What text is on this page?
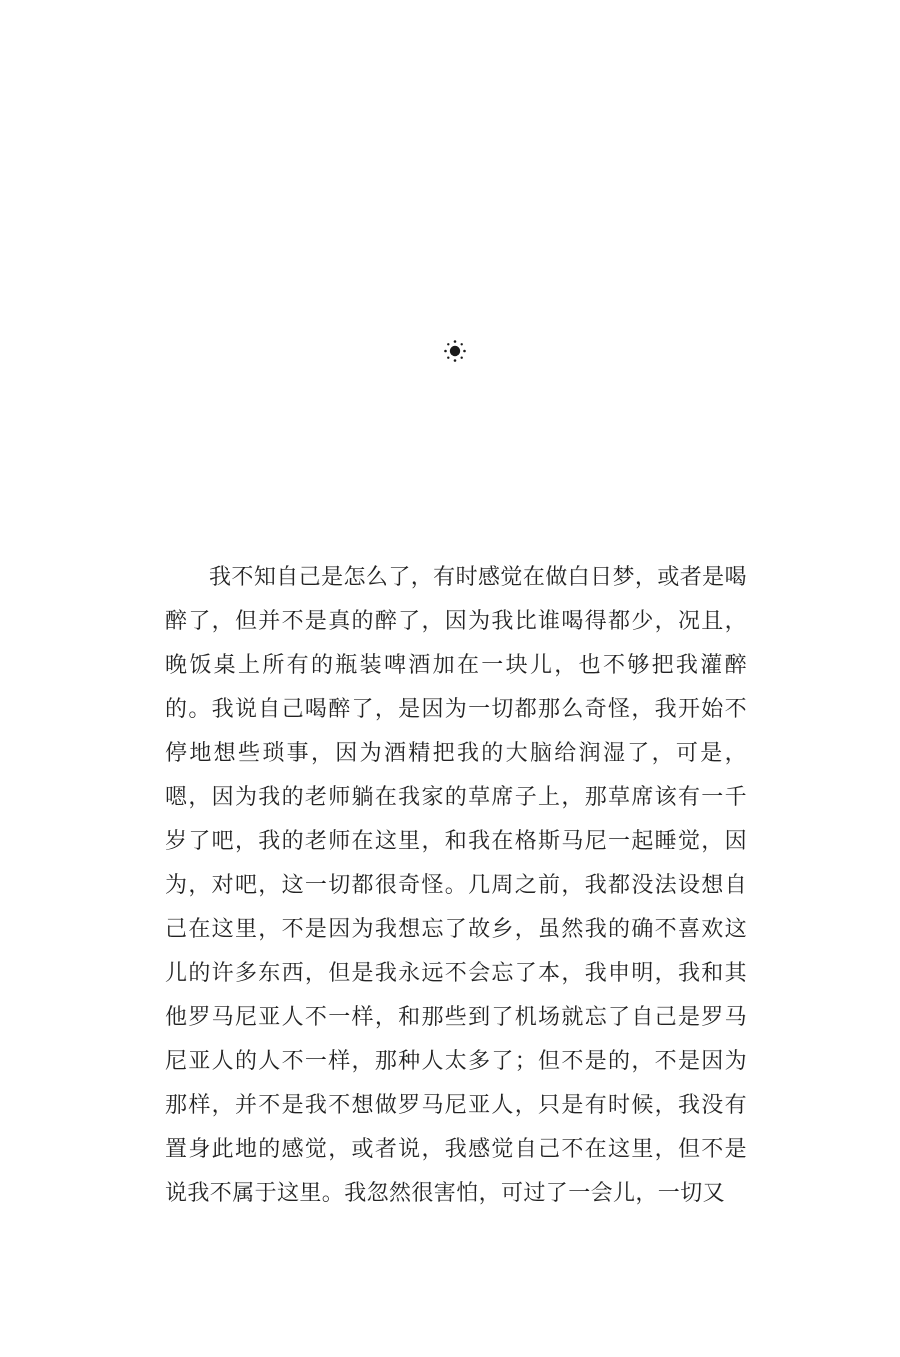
我不知自己是怎么了，有时感觉在做白日梦，或者是喝醉了，但并不是真的醉了，因为我比谁喝得都少，况且，晚饭桌上所有的瓶装啤酒加在一块儿，也不够把我灌醉的。我说自己喝醉了，是因为一切都那么奇怪，我开始不停地想些琐事，因为酒精把我的大脑给润湿了，可是，嗯，因为我的老师躺在我家的草席子上，那草席该有一千岁了吧，我的老师在这里，和我在格斯马尼一起睡觉，因为，对吧，这一切都很奇怪。几周之前，我都没法设想自己在这里，不是因为我想忘了故乡，虽然我的确不喜欢这儿的许多东西，但是我永远不会忘了本，我申明，我和其他罗马尼亚人不一样，和那些到了机场就忘了自己是罗马尼亚人的人不一样，那种人太多了；但不是的，不是因为那样，并不是我不想做罗马尼亚人，只是有时候，我没有置身此地的感觉，或者说，我感觉自己不在这里，但不是说我不属于这里。我忽然很害怕，可过了一会儿，一切又
